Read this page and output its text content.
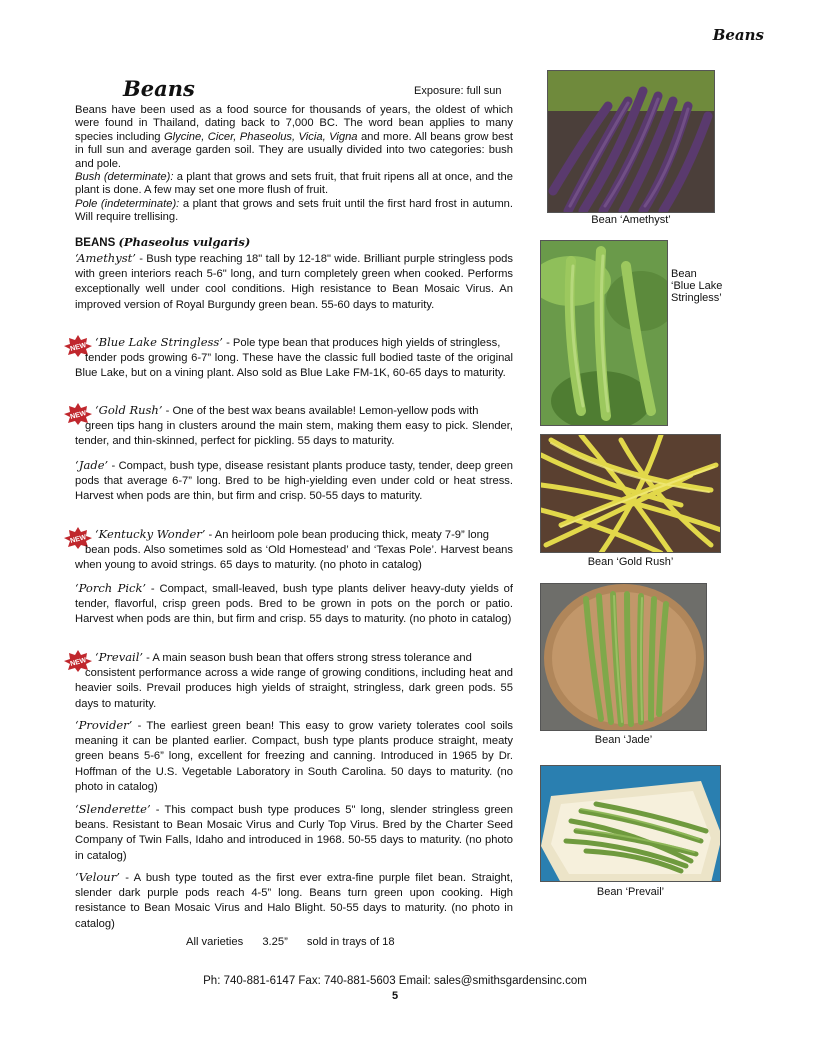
Beans
Beans	Exposure: full sun

Beans have been used as a food source for thousands of years, the oldest of which were found in Thailand, dating back to 7,000 BC. The word bean applies to many species including Glycine, Cicer, Phaseolus, Vicia, Vigna and more. All beans grow best in full sun and average garden soil. They are usually divided into two categories: bush and pole.

Bush (determinate): a plant that grows and sets fruit, that fruit ripens all at once, and the plant is done. A few may set one more flush of fruit.

Pole (indeterminate): a plant that grows and sets fruit until the first hard frost in autumn. Will require trellising.

BEANS (Phaseolus vulgaris)
‘Amethyst’ - Bush type reaching 18" tall by 12-18" wide. Brilliant purple stringless pods with green interiors reach 5-6" long, and turn completely green when cooked. Performs exceptionally well under cool conditions. High resistance to Bean Mosaic Virus. An improved version of Royal Burgundy green bean. 55-60 days to maturity.
NEW ‘Blue Lake Stringless’ - Pole type bean that produces high yields of stringless,
tender pods growing 6-7” long. These have the classic full bodied taste of the original Blue Lake, but on a vining plant. Also sold as Blue Lake FM-1K, 60-65 days to maturity.
NEW ‘Gold Rush’ - One of the best wax beans available! Lemon-yellow pods with
green tips hang in clusters around the main stem, making them easy to pick. Slender, tender, and thin-skinned, perfect for pickling. 55 days to maturity.
‘Jade’ - Compact, bush type, disease resistant plants produce tasty, tender, deep green pods that average 6-7” long. Bred to be high-yielding even under cold or heat stress. Harvest when pods are thin, but firm and crisp. 50-55 days to maturity.
NEW ‘Kentucky Wonder’ - An heirloom pole bean producing thick, meaty 7-9” long
bean pods. Also sometimes sold as ‘Old Homestead’ and ‘Texas Pole’. Harvest beans when young to avoid strings. 65 days to maturity. (no photo in catalog)
‘Porch Pick’ - Compact, small-leaved, bush type plants deliver heavy-duty yields of tender, flavorful, crisp green pods. Bred to be grown in pots on the porch or patio. Harvest when pods are thin, but firm and crisp. 55 days to maturity. (no photo in catalog)
NEW ‘Prevail’ - A main season bush bean that offers strong stress tolerance and
consistent performance across a wide range of growing conditions, including heat and heavier soils. Prevail produces high yields of straight, stringless, dark green pods. 55 days to maturity.
‘Provider’ - The earliest green bean! This easy to grow variety tolerates cool soils meaning it can be planted earlier. Compact, bush type plants produce straight, meaty green beans 5-6” long, excellent for freezing and canning. Introduced in 1965 by Dr. Hoffman of the U.S. Vegetable Laboratory in South Carolina. 50 days to maturity. (no photo in catalog)
‘Slenderette’ - This compact bush type produces 5" long, slender stringless green beans. Resistant to Bean Mosaic Virus and Curly Top Virus. Bred by the Charter Seed Company of Twin Falls, Idaho and introduced in 1968. 50-55 days to maturity. (no photo in catalog)
‘Velour’ - A bush type touted as the first ever extra-fine purple filet bean. Straight, slender dark purple pods reach 4-5” long. Beans turn green upon cooking. High resistance to Bean Mosaic Virus and Halo Blight. 50-55 days to maturity. (no photo in catalog)
All varieties 3.25” sold in trays of 18
Bean ‘Amethyst’
Bean
‘Blue Lake
Stringless’
Bean ‘Gold Rush’
Bean ‘Jade’
Bean ‘Prevail’
Ph: 740-881-6147 Fax: 740-881-5603 Email: sales@smithsgardensinc.com
5
